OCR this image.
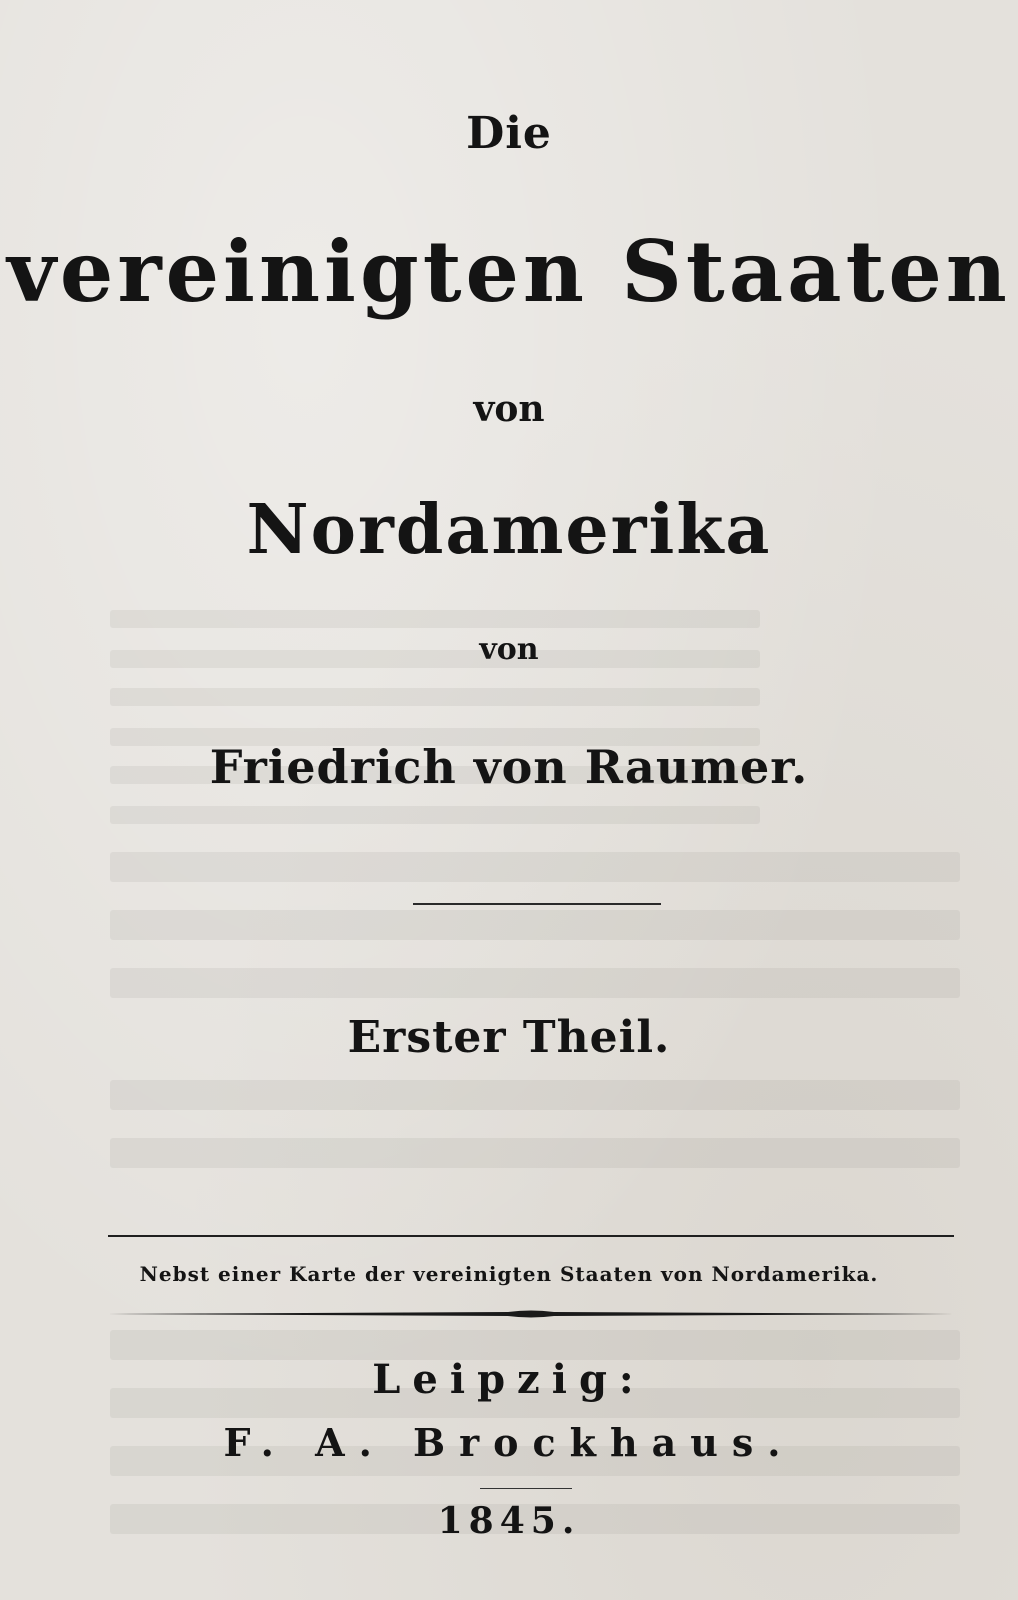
Die
vereinigten Staaten
von
Nordamerika
von
Friedrich von Raumer.
Erster Theil.
Nebst einer Karte der vereinigten Staaten von Nordamerika.
Leipzig:
F. A. Brockhaus.
1845.
